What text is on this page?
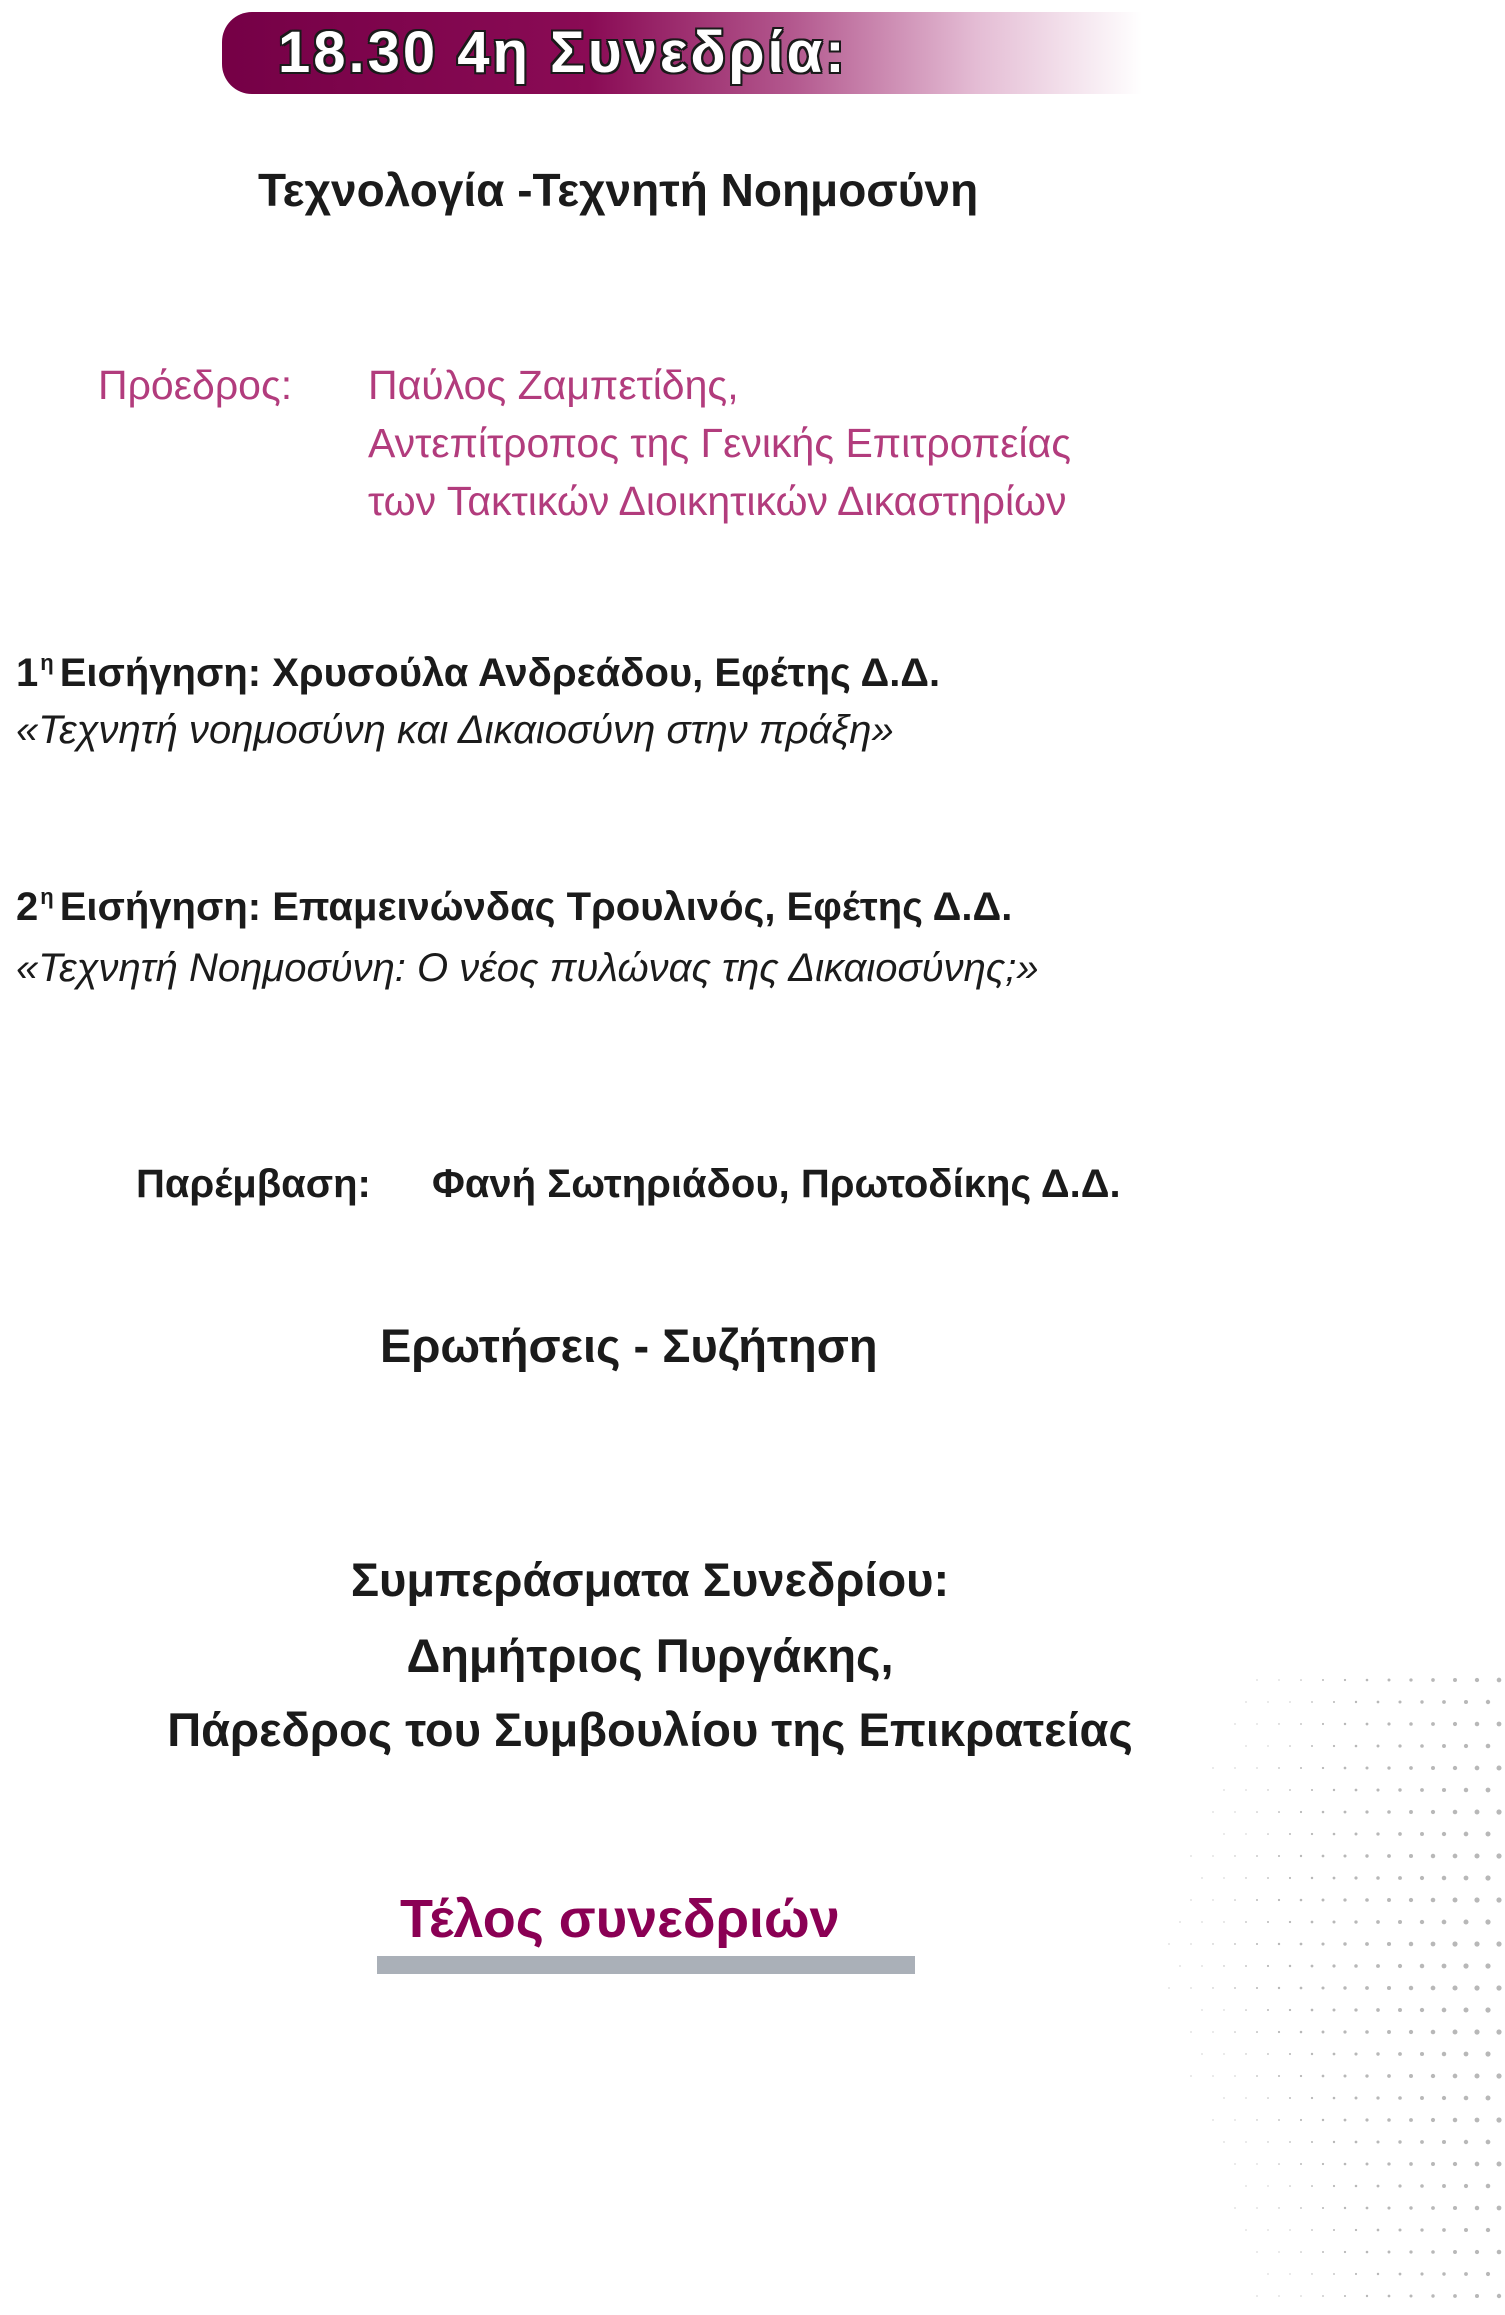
18.30 4η Συνεδρία:
Τεχνολογία -Τεχνητή Νοημοσύνη
Πρόεδρος: Παύλος Ζαμπετίδης,
Αντεπίτροπος της Γενικής Επιτροπείας
των Τακτικών Διοικητικών Δικαστηρίων
$1^\eta$ Εισήγηση: Χρυσούλα Ανδρεάδου, Εφέτης Δ.Δ.
«Τεχνητή νοημοσύνη και Δικαιοσύνη στην πράξη»
$2^\eta$ Εισήγηση: Επαμεινώνδας Τρουλινός, Εφέτης Δ.Δ.
«Τεχνητή Νοημοσύνη: Ο νέος πυλώνας της Δικαιοσύνης;»
Παρέμβαση: Φανή Σωτηριάδου, Πρωτοδίκης Δ.Δ.
Ερωτήσεις - Συζήτηση
Συμπεράσματα Συνεδρίου:
Δημήτριος Πυργάκης,
Πάρεδρος του Συμβουλίου της Επικρατείας
Τέλος συνεδριών
